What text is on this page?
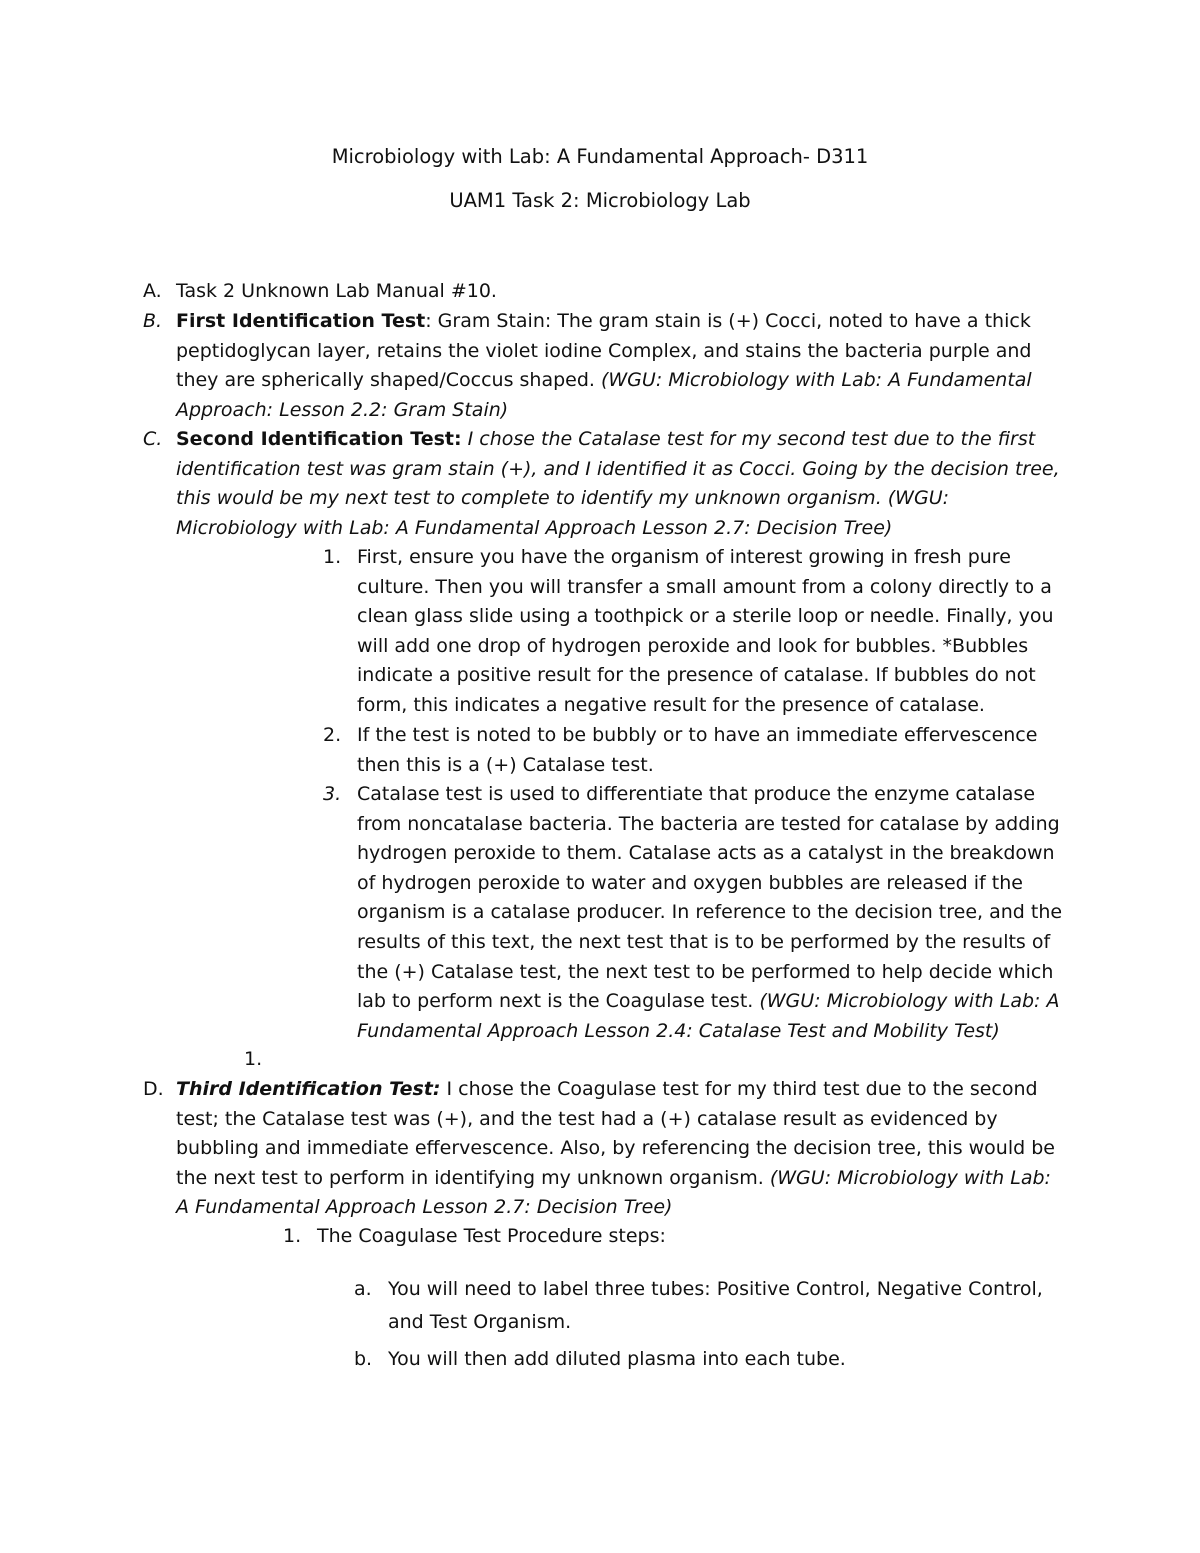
Microbiology with Lab: A Fundamental Approach- D311
UAM1 Task 2: Microbiology Lab
A. Task 2 Unknown Lab Manual #10.
B. First Identification Test: Gram Stain: The gram stain is (+) Cocci, noted to have a thick peptidoglycan layer, retains the violet iodine Complex, and stains the bacteria purple and they are spherically shaped/Coccus shaped. (WGU: Microbiology with Lab: A Fundamental Approach: Lesson 2.2: Gram Stain)
C. Second Identification Test: I chose the Catalase test for my second test due to the first identification test was gram stain (+), and I identified it as Cocci. Going by the decision tree, this would be my next test to complete to identify my unknown organism. (WGU: Microbiology with Lab: A Fundamental Approach Lesson 2.7: Decision Tree)
1. First, ensure you have the organism of interest growing in fresh pure culture. Then you will transfer a small amount from a colony directly to a clean glass slide using a toothpick or a sterile loop or needle. Finally, you will add one drop of hydrogen peroxide and look for bubbles. *Bubbles indicate a positive result for the presence of catalase. If bubbles do not form, this indicates a negative result for the presence of catalase.
2. If the test is noted to be bubbly or to have an immediate effervescence then this is a (+) Catalase test.
3. Catalase test is used to differentiate that produce the enzyme catalase from noncatalase bacteria. The bacteria are tested for catalase by adding hydrogen peroxide to them. Catalase acts as a catalyst in the breakdown of hydrogen peroxide to water and oxygen bubbles are released if the organism is a catalase producer. In reference to the decision tree, and the results of this text, the next test that is to be performed by the results of the (+) Catalase test, the next test to be performed to help decide which lab to perform next is the Coagulase test. (WGU: Microbiology with Lab: A Fundamental Approach Lesson 2.4: Catalase Test and Mobility Test)
1.
D. Third Identification Test: I chose the Coagulase test for my third test due to the second test; the Catalase test was (+), and the test had a (+) catalase result as evidenced by bubbling and immediate effervescence. Also, by referencing the decision tree, this would be the next test to perform in identifying my unknown organism. (WGU: Microbiology with Lab: A Fundamental Approach Lesson 2.7: Decision Tree)
1. The Coagulase Test Procedure steps:
a. You will need to label three tubes: Positive Control, Negative Control, and Test Organism.
b. You will then add diluted plasma into each tube.
